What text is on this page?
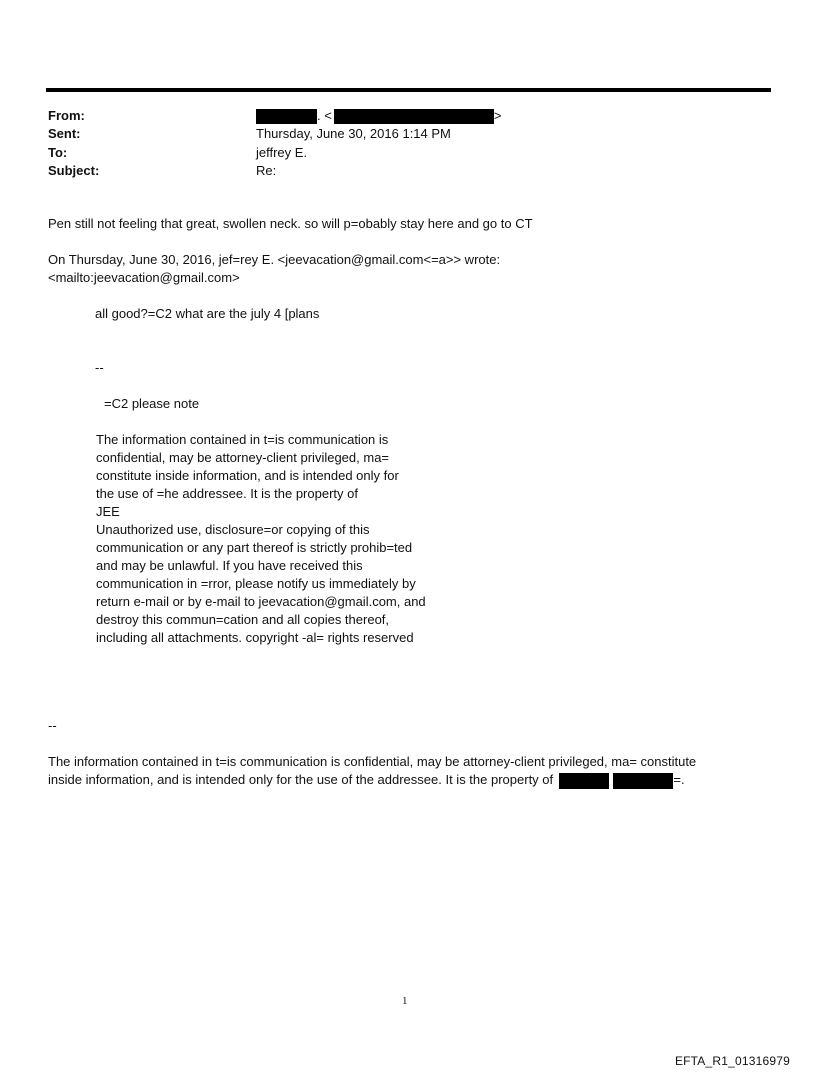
From:	. <	>
Sent:	Thursday, June 30, 2016 1:14 PM
To:	jeffrey E.
Subject:	Re:
Pen still not feeling that great, swollen neck. so will p=obably stay here and go to CT
On Thursday, June 30, 2016, jef=rey E. <jeevacation@gmail.com<=a>> wrote:
<mailto:jeevacation@gmail.com>
all good?=C2 what are the july 4 [plans
--
=C2 please note
The information contained in t=is communication is
confidential, may be attorney-client privileged, ma=
constitute inside information, and is intended only for
the use of =he addressee. It is the property of
JEE
Unauthorized use, disclosure=or copying of this
communication or any part thereof is strictly prohib=ted
and may be unlawful. If you have received this
communication in =rror, please notify us immediately by
return e-mail or by e-mail to jeevacation@gmail.com, and
destroy this commun=cation and all copies thereof,
including all attachments. copyright -al= rights reserved
--
The information contained in t=is communication is confidential, may be attorney-client privileged, ma= constitute
inside information, and is intended only for the use of the addressee. It is the property of	=.
1
EFTA_R1_01316979
